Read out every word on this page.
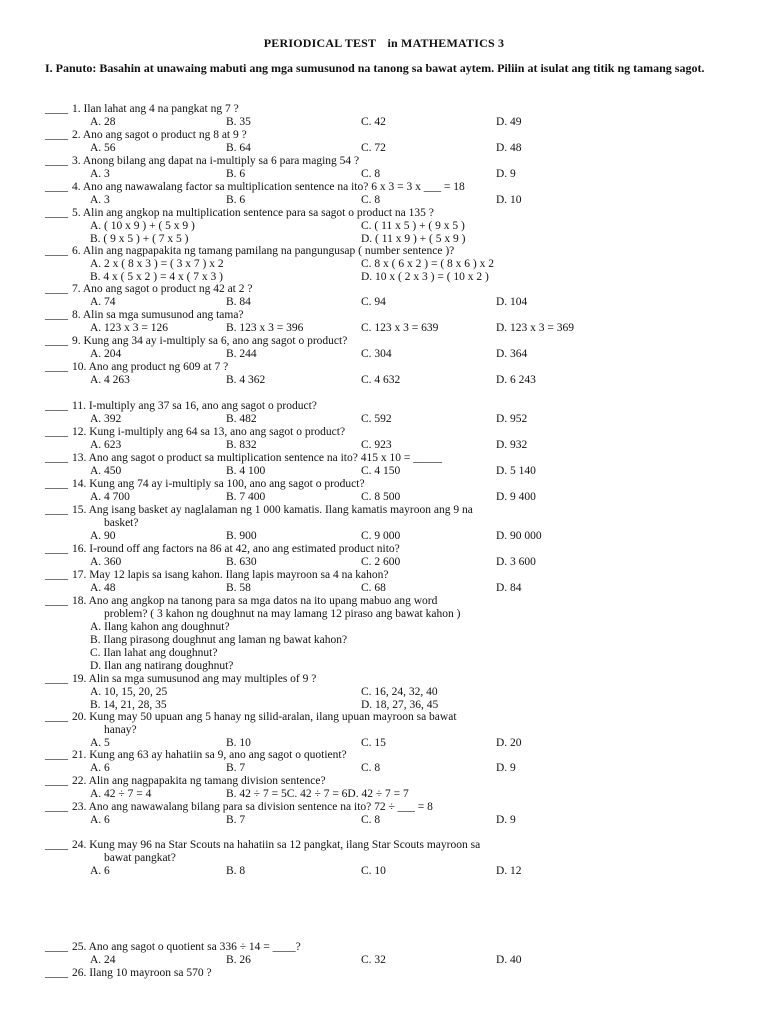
PERIODICAL TEST in MATHEMATICS 3
I. Panuto: Basahin at unawaing mabuti ang mga sumusunod na tanong sa bawat aytem. Piliin at isulat ang titik ng tamang sagot.
____ 1. Ilan lahat ang 4 na pangkat ng 7 ?
A. 28	B. 35	C. 42	D. 49
____ 2. Ano ang sagot o product ng 8 at 9 ?
A. 56	B. 64	C. 72	D. 48
____ 3. Anong bilang ang dapat na i-multiply sa 6 para maging 54 ?
A. 3	B. 6	C. 8	D. 9
____ 4. Ano ang nawawalang factor sa multiplication sentence na ito? 6 x 3 = 3 x ___ = 18
A. 3	B. 6	C. 8	D. 10
____ 5. Alin ang angkop na multiplication sentence para sa sagot o product na 135 ?
A. ( 10 x 9 ) + ( 5 x 9 )	C. ( 11 x 5 ) + ( 9 x 5 )
B. ( 9 x 5 ) + ( 7 x 5 )	D. ( 11 x 9 ) + ( 5 x 9 )
____ 6. Alin ang nagpapakita ng tamang pamilang na pangungusap ( number sentence )?
A. 2 x ( 8 x 3 ) = ( 3 x 7 ) x 2	C. 8 x ( 6 x 2 ) = ( 8 x 6 ) x 2
B. 4 x ( 5 x 2 ) = 4 x ( 7 x 3 )	D. 10 x ( 2 x 3 ) = ( 10 x 2 )
____ 7. Ano ang sagot o product ng 42 at 2 ?
A. 74	B. 84	C. 94	D. 104
____ 8. Alin sa mga sumusunod ang tama?
A. 123 x 3 = 126	B. 123 x 3 = 396	C. 123 x 3 = 639	D. 123 x 3 = 369
____ 9. Kung ang 34 ay i-multiply sa 6, ano ang sagot o product?
A. 204	B. 244	C. 304	D. 364
____ 10. Ano ang product ng 609 at 7 ?
A. 4 263	B. 4 362	C. 4 632	D. 6 243
____ 11. I-multiply ang 37 sa 16, ano ang sagot o product?
A. 392	B. 482	C. 592	D. 952
____ 12. Kung i-multiply ang 64 sa 13, ano ang sagot o product?
A. 623	B. 832	C. 923	D. 932
____ 13. Ano ang sagot o product sa multiplication sentence na ito? 415 x 10 = _____
A. 450	B. 4 100	C. 4 150	D. 5 140
____ 14. Kung ang 74 ay i-multiply sa 100, ano ang sagot o product?
A. 4 700	B. 7 400	C. 8 500	D. 9 400
____ 15. Ang isang basket ay naglalaman ng 1 000 kamatis. Ilang kamatis mayroon ang 9 na
basket?
A. 90	B. 900	C. 9 000	D. 90 000
____ 16. I-round off ang factors na 86 at 42, ano ang estimated product nito?
A. 360	B. 630	C. 2 600	D. 3 600
____ 17. May 12 lapis sa isang kahon. Ilang lapis mayroon sa 4 na kahon?
A. 48	B. 58	C. 68	D. 84
____ 18. Ano ang angkop na tanong para sa mga datos na ito upang mabuo ang word
problem? ( 3 kahon ng doughnut na may lamang 12 piraso ang bawat kahon )
A. Ilang kahon ang doughnut?
B. Ilang pirasong doughnut ang laman ng bawat kahon?
C. Ilan lahat ang doughnut?
D. Ilan ang natirang doughnut?
____ 19. Alin sa mga sumusunod ang may multiples of 9 ?
A. 10, 15, 20, 25	C. 16, 24, 32, 40
B. 14, 21, 28, 35	D. 18, 27, 36, 45
____ 20. Kung may 50 upuan ang 5 hanay ng silid-aralan, ilang upuan mayroon sa bawat
hanay?
A. 5	B. 10	C. 15	D. 20
____ 21. Kung ang 63 ay hahatiin sa 9, ano ang sagot o quotient?
A. 6	B. 7	C. 8	D. 9
____ 22. Alin ang nagpapakita ng tamang division sentence?
A. 42 ÷ 7 = 4	B. 42 ÷ 7 = 5C. 42 ÷ 7 = 6D. 42 ÷ 7 = 7
____ 23. Ano ang nawawalang bilang para sa division sentence na ito? 72 ÷ ___ = 8
A. 6	B. 7	C. 8	D. 9
____ 24. Kung may 96 na Star Scouts na hahatiin sa 12 pangkat, ilang Star Scouts mayroon sa
bawat pangkat?
A. 6	B. 8	C. 10	D. 12
____ 25. Ano ang sagot o quotient sa 336 ÷ 14 = ____?
A. 24	B. 26	C. 32	D. 40
____ 26. Ilang 10 mayroon sa 570 ?
